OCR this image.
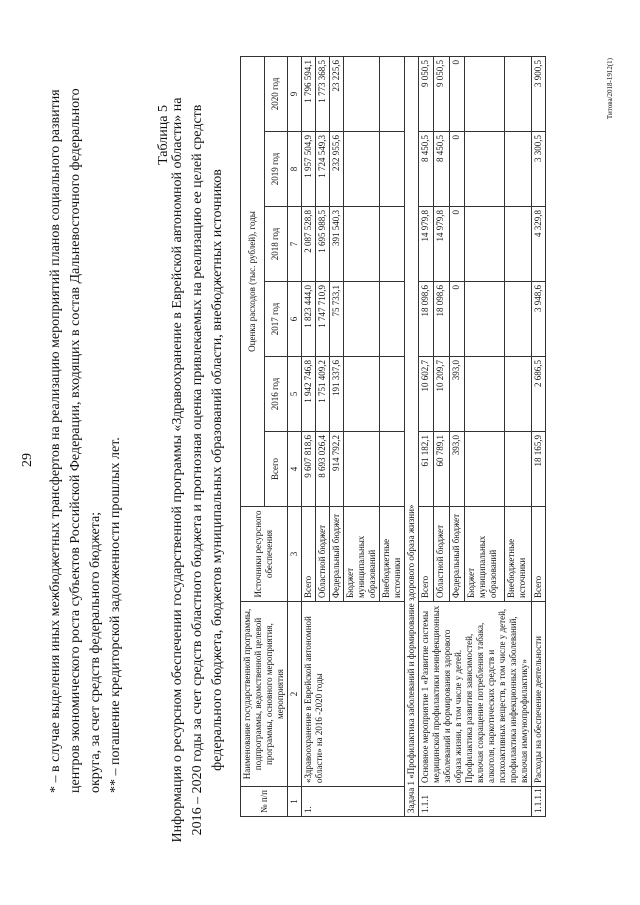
29 * – в случае выделения иных межбюджетных трансфертов на реализацию мероприятий планов социального развития центров экономического роста субъектов Российской Федерации, входящих в состав Дальневосточного федерального округа, за счет средств федерального бюджета; ** – погашение кредиторской задолженности прошлых лет.
Таблица 5 Информация о ресурсном обеспечении государственной программы «Здравоохранение в Еврейской автономной области» на 2016 – 2020 годы за счет средств областного бюджета и прогнозная оценка привлекаемых на реализацию ее целей средств федерального бюджета, бюджетов муниципальных образований области, внебюджетных источников
№ п/п	Наименование государственной программы, подпрограммы, ведомственной целевой программы, основного мероприятия, мероприятия	Источники ресурсного обеспечения	Оценка расходов (тыс. рублей), годы					
			Всего	2016 год	2017 год	2018 год	2019 год	2020 год
1	2	3	4	5	6	7	8	9
1.	«Здравоохранение в Еврейской автономной области» на 2016 -2020 годы	Всего	9 607 818,6	1 942 746,8	1 823 444,0	2 087 528,8	1 957 504,9	1 796 594,1
		Областной бюджет	8 693 026,4	1 751 409,2	1 747 710,9	1 695 988,5	1 724 549,3	1 773 368,5
		Федеральный бюджет	914 792,2	191 337,6	75 733,1	391 540,3	232 955,6	23 225,6
		Бюджет муниципальных образований						
		Внебюджетные источники						
Задача 1 «Профилактика заболеваний и формирование здорового образа жизни»								
1.1.1	Основное мероприятие 1 «Развитие системы медицинской профилактики неинфекционных заболеваний и формирования здорового образа жизни, в том числе у детей. Профилактика развития зависимостей, включая сокращение потребления табака, алкоголя, наркотических средств и психоактивных веществ, в том числе у детей, профилактика инфекционных заболеваний, включая иммунопрофилактику»	Всего	61 182,1	10 602,7	18 098,6	14 979,8	8 450,5	9 050,5
		Областной бюджет	60 789,1	10 209,7	18 098,6	14 979,8	8 450,5	9 050,5
		Федеральный бюджет	393,0	393,0	0	0	0	0
		Бюджет муниципальных образований						
		Внебюджетные источники						
1.1.1.1	Расходы на обеспечение деятельности	Всего	18 165,9	2 686,5	3 948,6	4 329,8	3 300,5	3 900,5	Титова/2018-1912(1)
